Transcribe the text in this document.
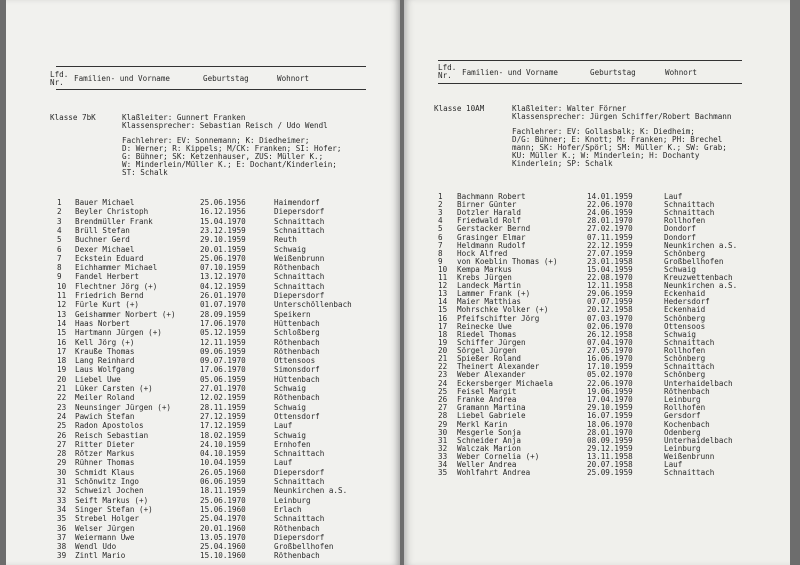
Lfd.
Nr.	Familien- und Vorname	Geburtstag	Wohnort
Klasse 7bK	Klaßleiter: Gunnert Franken
Klassensprecher: Sebastian Reisch / Udo Wendl
Fachlehrer: EV: Sonnemann; K: Diedheimer;
D: Werner; R: Kippels; M/CK: Franken; SI: Hofer;
G: Bühner; SK: Ketzenhauser, ZUS: Müller K.;
W: Minderlein/Müller K.; E: Dochant/Kinderlein;
ST: Schalk
1 Bauer Michael	25.06.1956	Haimendorf
2 Beyler Christoph	16.12.1956	Diepersdorf
3 Brendmüller Frank	15.04.1970	Schnaittach
4 Brüll Stefan	23.12.1959	Schnaittach
5 Buchner Gerd	29.10.1959	Reuth
6 Dexer Michael	20.01.1959	Schwaig
7 Eckstein Eduard	25.06.1970	Weißenbrunn
8 Eichhammer Michael	07.10.1959	Röthenbach
9 Fandel Herbert	13.12.1970	Schnaittach
10 Flechtner Jörg (+)	04.12.1959	Schnaittach
11 Friedrich Bernd	26.01.1970	Diepersdorf
12 Fürle Kurt (+)	01.07.1970	Unterschöllenbach
13 Geishammer Norbert (+)	28.09.1959	Speikern
14 Haas Norbert	17.06.1970	Hüttenbach
15 Hartmann Jürgen (+)	05.12.1959	Schloßberg
16 Kell Jörg (+)	12.11.1959	Röthenbach
17 Krauße Thomas	09.06.1959	Röthenbach
18 Lang Reinhard	09.07.1970	Ottensoos
19 Laus Wolfgang	17.06.1970	Simonsdorf
20 Liebel Uwe	05.06.1959	Hüttenbach
21 Lüker Carsten (+)	27.01.1970	Schwaig
22 Meiler Roland	12.02.1959	Röthenbach
23 Neunsinger Jürgen (+)	28.11.1959	Schwaig
24 Pawich Stefan	27.12.1959	Ottensdorf
25 Radon Apostolos	17.12.1959	Lauf
26 Reisch Sebastian	18.02.1959	Schwaig
27 Ritter Dieter	24.10.1959	Ernhofen
28 Rötzer Markus	04.10.1959	Schnaittach
29 Rühner Thomas	10.04.1959	Lauf
30 Schmidt Klaus	26.05.1960	Diepersdorf
31 Schönwitz Ingo	06.06.1959	Schnaittach
32 Schweizl Jochen	18.11.1959	Neunkirchen a.S.
33 Seift Markus (+)	25.06.1970	Leinburg
34 Singer Stefan (+)	15.06.1960	Erlach
35 Strebel Holger	25.04.1970	Schnaittach
36 Welser Jürgen	20.01.1960	Röthenbach
37 Weiermann Uwe	13.05.1970	Diepersdorf
38 Wendl Udo	25.04.1960	Großbellhofen
39 Zintl Mario	15.10.1960	Röthenbach
Lfd.
Nr.	Familien- und Vorname	Geburtstag	Wohnort
Klasse 10AM	Klaßleiter: Walter Förner
Klassensprecher: Jürgen Schiffer/Robert Bachmann
Fachlehrer: EV: Gollasbalk; K: Diedheim;
D/G: Bühner; E: Knott; M: Franken; PH: Brechel
mann; SK: Hofer/Spörl; SM: Müller K.; SW: Grab;
KU: Müller K.; W: Minderlein; H: Dochanty
Kinderlein; SP: Schalk
1 Bachmann Robert	14.01.1959	Lauf
2 Birner Günter	22.06.1970	Schnaittach
3 Dotzler Harald	24.06.1959	Schnaittach
4 Friedwald Rolf	28.01.1970	Rollhofen
5 Gerstacker Bernd	27.02.1970	Dondorf
6 Grasinger Elmar	07.11.1959	Dondorf
7 Heldmann Rudolf	22.12.1959	Neunkirchen a.S.
8 Hock Alfred	27.07.1959	Schönberg
9 von Koeblin Thomas (+)	23.01.1958	Großbellhofen
10 Kempa Markus	15.04.1959	Schwaig
11 Krebs Jürgen	22.08.1970	Kreuzwettenbach
12 Landeck Martin	12.11.1958	Neunkirchen a.S.
13 Lammer Frank (+)	29.06.1959	Eckenhaid
14 Maier Matthias	07.07.1959	Hedersdorf
15 Mohrschke Volker (+)	20.12.1958	Eckenhaid
16 Pfeifschifter Jörg	07.03.1970	Schönberg
17 Reinecke Uwe	02.06.1970	Ottensoos
18 Riedel Thomas	26.12.1958	Schwaig
19 Schiffer Jürgen	07.04.1970	Schnaittach
20 Sörgel Jürgen	27.05.1970	Rollhofen
21 Spießer Roland	16.06.1970	Schönberg
22 Theinert Alexander	17.10.1959	Schnaittach
23 Weber Alexander	05.02.1970	Schönberg
24 Eckersberger Michaela	22.06.1970	Unterhaidelbach
25 Feisel Margit	19.06.1959	Röthenbach
26 Franke Andrea	17.04.1970	Leinburg
27 Gramann Martina	29.10.1959	Rollhofen
28 Liebel Gabriele	16.07.1959	Gersdorf
29 Merkl Karin	18.06.1970	Kochenbach
30 Mesgerle Sonja	28.01.1970	Odenberg
31 Schneider Anja	08.09.1959	Unterhaidelbach
32 Walczak Marion	29.12.1959	Leinburg
33 Weber Cornelia (+)	13.11.1958	Weißenbrunn
34 Weller Andrea	20.07.1958	Lauf
35 Wohlfahrt Andrea	25.09.1959	Schnaittach
